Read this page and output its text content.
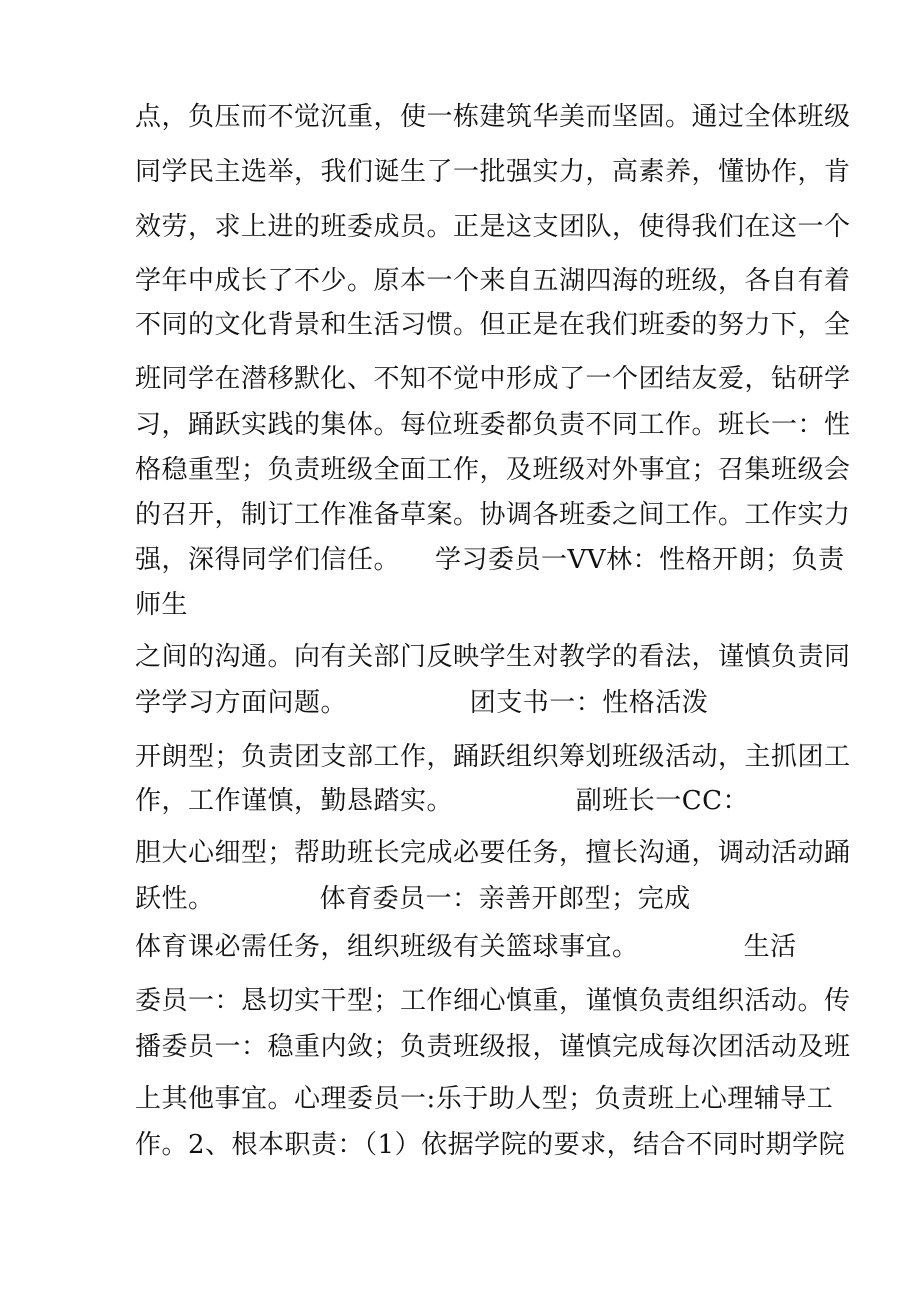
点，负压而不觉沉重，使一栋建筑华美而坚固。通过全体班级
同学民主选举，我们诞生了一批强实力，高素养，懂协作，肯
效劳，求上进的班委成员。正是这支团队，使得我们在这一个
学年中成长了不少。原本一个来自五湖四海的班级，各自有着
不同的文化背景和生活习惯。但正是在我们班委的努力下，全
班同学在潜移默化、不知不觉中形成了一个团结友爱，钻研学
习，踊跃实践的集体。每位班委都负责不同工作。班长一：性
格稳重型；负责班级全面工作，及班级对外事宜；召集班级会
的召开，制订工作准备草案。协调各班委之间工作。工作实力
强，深得同学们信任。    学习委员一VV林：性格开朗；负责
师生
之间的沟通。向有关部门反映学生对教学的看法，谨慎负责同
学学习方面问题。              团支书一：性格活泼
开朗型；负责团支部工作，踊跃组织筹划班级活动，主抓团工
作，工作谨慎，勤恳踏实。              副班长一CC：
胆大心细型；帮助班长完成必要任务，擅长沟通，调动活动踊
跃性。            体育委员一：亲善开郎型；完成
体育课必需任务，组织班级有关篮球事宜。            生活
委员一：恳切实干型；工作细心慎重，谨慎负责组织活动。传
播委员一：稳重内敛；负责班级报，谨慎完成每次团活动及班
上其他事宜。心理委员一:乐于助人型；负责班上心理辅导工
作。2、根本职责：（1）依据学院的要求，结合不同时期学院
